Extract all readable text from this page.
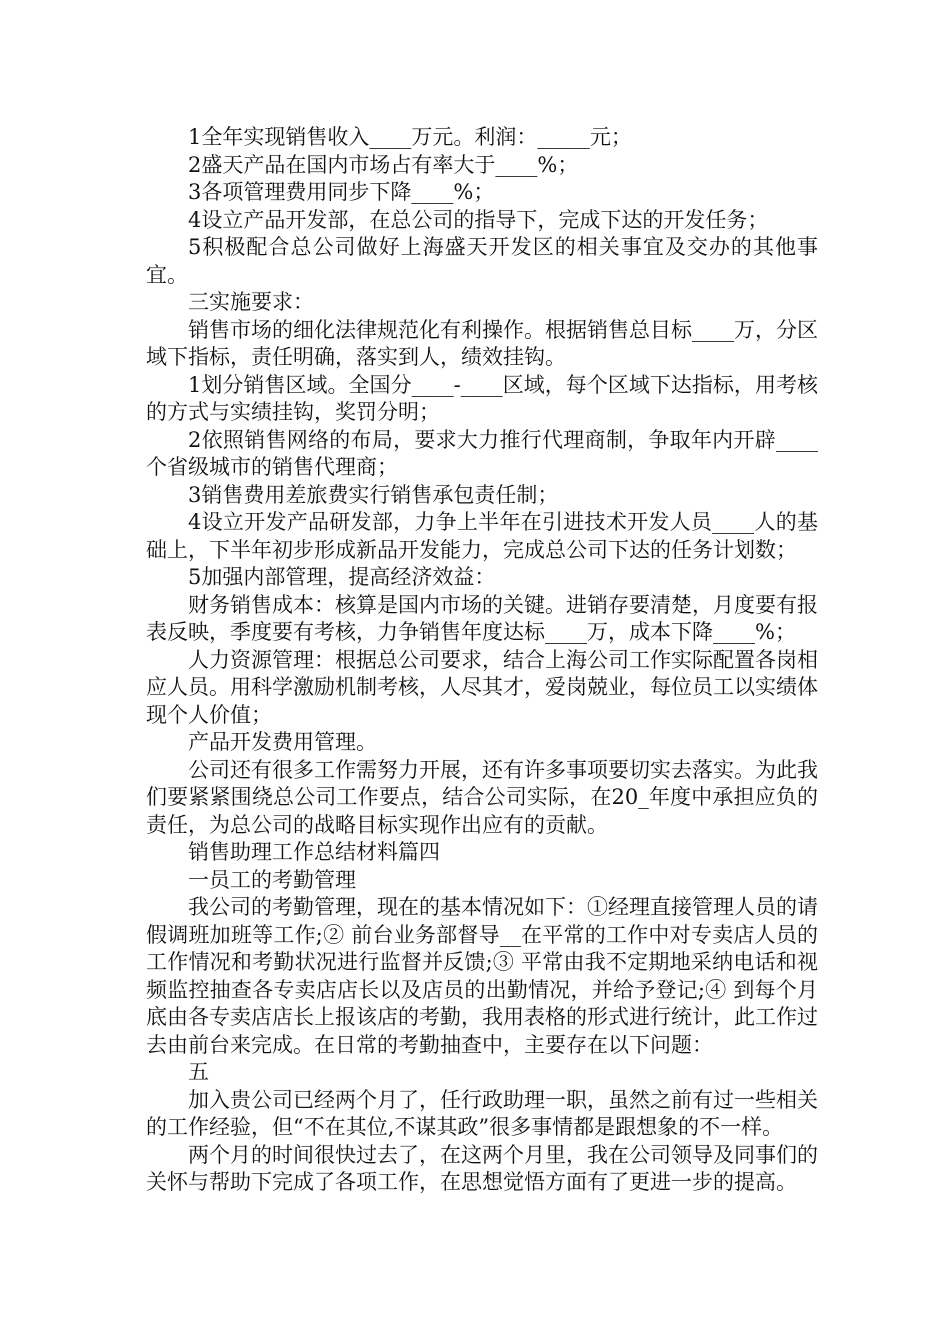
1全年实现销售收入____万元。利润：_____元；

2盛天产品在国内市场占有率大于____%；

3各项管理费用同步下降____%；

4设立产品开发部，在总公司的指导下，完成下达的开发任务；

5积极配合总公司做好上海盛天开发区的相关事宜及交办的其他事宜。

三实施要求：

销售市场的细化法律规范化有利操作。根据销售总目标____万，分区域下指标，责任明确，落实到人，绩效挂钩。

1划分销售区域。全国分____-____区域，每个区域下达指标，用考核的方式与实绩挂钩，奖罚分明；

2依照销售网络的布局，要求大力推行代理商制，争取年内开辟____个省级城市的销售代理商；

3销售费用差旅费实行销售承包责任制；

4设立开发产品研发部，力争上半年在引进技术开发人员____人的基础上，下半年初步形成新品开发能力，完成总公司下达的任务计划数；

5加强内部管理，提高经济效益：

财务销售成本：核算是国内市场的关键。进销存要清楚，月度要有报表反映，季度要有考核，力争销售年度达标____万，成本下降____%；

人力资源管理：根据总公司要求，结合上海公司工作实际配置各岗相应人员。用科学激励机制考核，人尽其才，爱岗兢业，每位员工以实绩体现个人价值；

产品开发费用管理。

公司还有很多工作需努力开展，还有许多事项要切实去落实。为此我们要紧紧围绕总公司工作要点，结合公司实际，在20_年度中承担应负的责任，为总公司的战略目标实现作出应有的贡献。

销售助理工作总结材料篇四

一员工的考勤管理

我公司的考勤管理，现在的基本情况如下：①经理直接管理人员的请假调班加班等工作;② 前台业务部督导__在平常的工作中对专卖店人员的工作情况和考勤状况进行监督并反馈;③ 平常由我不定期地采纳电话和视频监控抽查各专卖店店长以及店员的出勤情况，并给予登记;④ 到每个月底由各专卖店店长上报该店的考勤，我用表格的形式进行统计，此工作过去由前台来完成。在日常的考勤抽查中，主要存在以下问题：

五

加入贵公司已经两个月了，任行政助理一职，虽然之前有过一些相关的工作经验，但“不在其位,不谋其政”很多事情都是跟想象的不一样。

两个月的时间很快过去了，在这两个月里，我在公司领导及同事们的关怀与帮助下完成了各项工作，在思想觉悟方面有了更进一步的提高。
